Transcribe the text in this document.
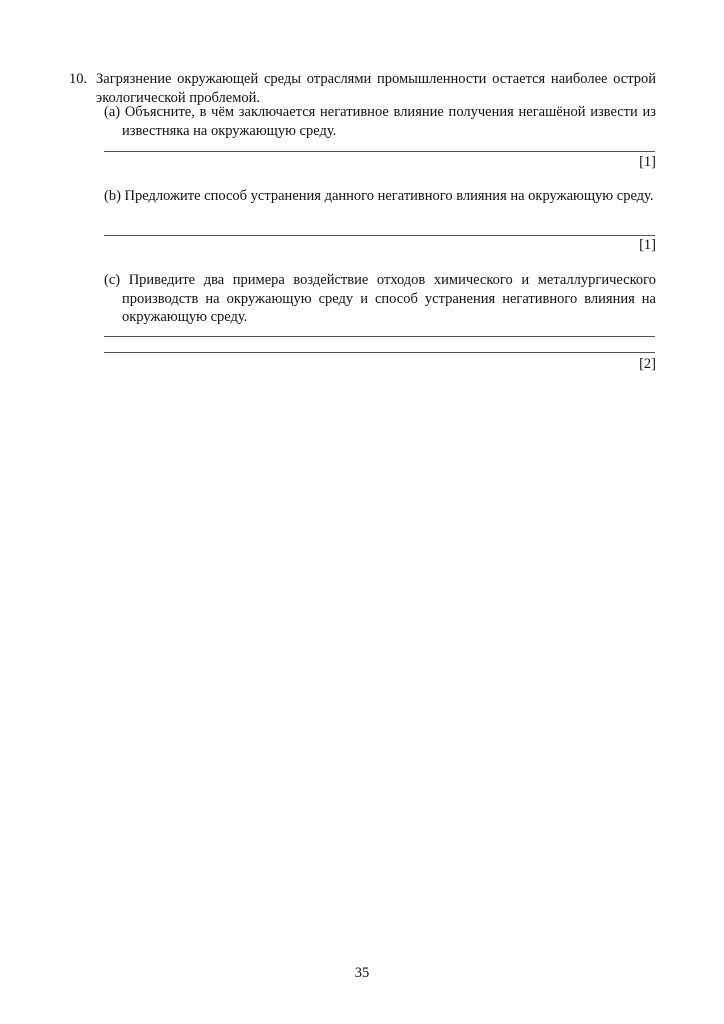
10. Загрязнение окружающей среды отраслями промышленности остается наиболее острой экологической проблемой.
(a) Объясните, в чём заключается негативное влияние получения негашёной извести из известняка на окружающую среду.
[1]
(b) Предложите способ устранения данного негативного влияния на окружающую среду.
[1]
(c) Приведите два примера воздействие отходов химического и металлургического производств на окружающую среду и способ устранения негативного влияния на окружающую среду.
[2]
35
